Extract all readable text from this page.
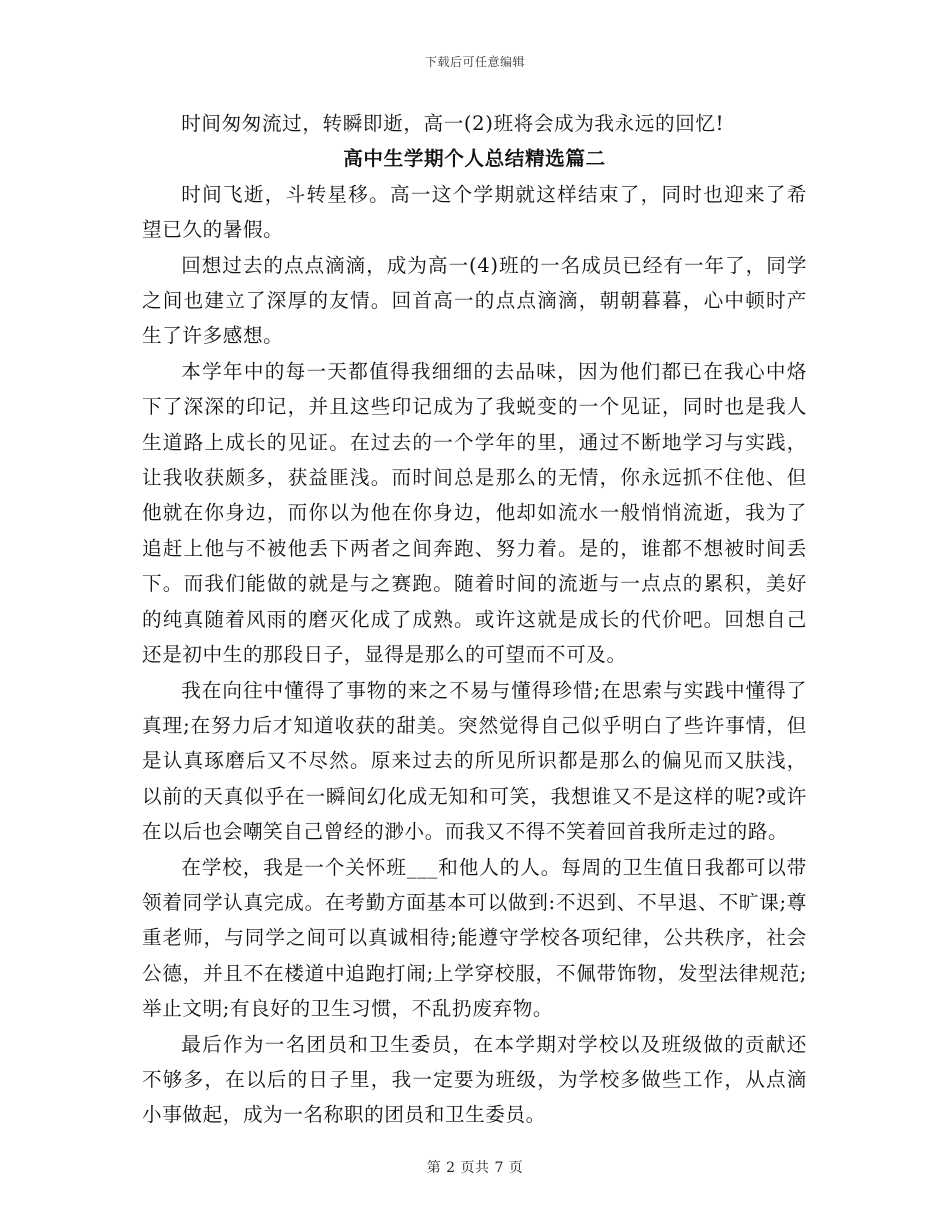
下载后可任意编辑

时间匆匆流过，转瞬即逝，高一(2)班将会成为我永远的回忆!

高中生学期个人总结精选篇二

时间飞逝，斗转星移。高一这个学期就这样结束了，同时也迎来了希望已久的暑假。

回想过去的点点滴滴，成为高一(4)班的一名成员已经有一年了，同学之间也建立了深厚的友情。回首高一的点点滴滴，朝朝暮暮，心中顿时产生了许多感想。

本学年中的每一天都值得我细细的去品味，因为他们都已在我心中烙下了深深的印记，并且这些印记成为了我蜕变的一个见证，同时也是我人生道路上成长的见证。在过去的一个学年的里，通过不断地学习与实践，让我收获颇多，获益匪浅。而时间总是那么的无情，你永远抓不住他、但他就在你身边，而你以为他在你身边，他却如流水一般悄悄流逝，我为了追赶上他与不被他丢下两者之间奔跑、努力着。是的，谁都不想被时间丢下。而我们能做的就是与之赛跑。随着时间的流逝与一点点的累积，美好的纯真随着风雨的磨灭化成了成熟。或许这就是成长的代价吧。回想自己还是初中生的那段日子，显得是那么的可望而不可及。

我在向往中懂得了事物的来之不易与懂得珍惜;在思索与实践中懂得了真理;在努力后才知道收获的甜美。突然觉得自己似乎明白了些许事情，但是认真琢磨后又不尽然。原来过去的所见所识都是那么的偏见而又肤浅，以前的天真似乎在一瞬间幻化成无知和可笑，我想谁又不是这样的呢?或许在以后也会嘲笑自己曾经的渺小。而我又不得不笑着回首我所走过的路。

在学校，我是一个关怀班___和他人的人。每周的卫生值日我都可以带领着同学认真完成。在考勤方面基本可以做到:不迟到、不早退、不旷课;尊重老师，与同学之间可以真诚相待;能遵守学校各项纪律，公共秩序，社会公德，并且不在楼道中追跑打闹;上学穿校服，不佩带饰物，发型法律规范;举止文明;有良好的卫生习惯，不乱扔废弃物。

最后作为一名团员和卫生委员，在本学期对学校以及班级做的贡献还不够多，在以后的日子里，我一定要为班级，为学校多做些工作，从点滴小事做起，成为一名称职的团员和卫生委员。

第 2 页共 7 页
